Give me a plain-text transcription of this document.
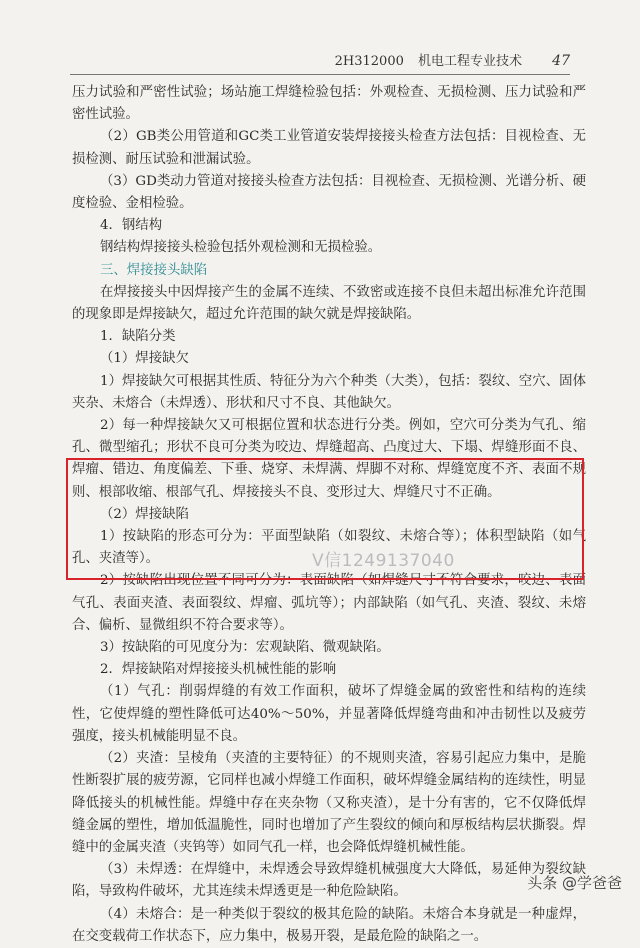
2H312000 机电工程专业技术 47

压力试验和严密性试验；场站施工焊缝检验包括：外观检查、无损检测、压力试验和严密性试验。

（2）GB类公用管道和GC类工业管道安装焊接接头检查方法包括：目视检查、无损检测、耐压试验和泄漏试验。

（3）GD类动力管道对接接头检查方法包括：目视检查、无损检测、光谱分析、硬度检验、金相检验。

4．钢结构

钢结构焊接接头检验包括外观检测和无损检验。

三、焊接接头缺陷

在焊接接头中因焊接产生的金属不连续、不致密或连接不良但未超出标准允许范围的现象即是焊接缺欠，超过允许范围的缺欠就是焊接缺陷。

1．缺陷分类

（1）焊接缺欠

1）焊接缺欠可根据其性质、特征分为六个种类（大类），包括：裂纹、空穴、固体夹杂、未熔合（未焊透）、形状和尺寸不良、其他缺欠。

2）每一种焊接缺欠又可根据位置和状态进行分类。例如，空穴可分类为气孔、缩孔、微型缩孔；形状不良可分类为咬边、焊缝超高、凸度过大、下塌、焊缝形面不良、焊瘤、错边、角度偏差、下垂、烧穿、未焊满、焊脚不对称、焊缝宽度不齐、表面不规则、根部收缩、根部气孔、焊接接头不良、变形过大、焊缝尺寸不正确。

（2）焊接缺陷

1）按缺陷的形态可分为：平面型缺陷（如裂纹、未熔合等）；体积型缺陷（如气孔、夹渣等）。

2）按缺陷出现位置不同可分为：表面缺陷（如焊缝尺寸不符合要求，咬边、表面气孔、表面夹渣、表面裂纹、焊瘤、弧坑等）；内部缺陷（如气孔、夹渣、裂纹、未熔合、偏析、显微组织不符合要求等）。

3）按缺陷的可见度分为：宏观缺陷、微观缺陷。

2．焊接缺陷对焊接接头机械性能的影响

（1）气孔：削弱焊缝的有效工作面积，破坏了焊缝金属的致密性和结构的连续性，它使焊缝的塑性降低可达40%～50%，并显著降低焊缝弯曲和冲击韧性以及疲劳强度，接头机械能明显不良。

（2）夹渣：呈棱角（夹渣的主要特征）的不规则夹渣，容易引起应力集中，是脆性断裂扩展的疲劳源，它同样也减小焊缝工作面积，破坏焊缝金属结构的连续性，明显降低接头的机械性能。焊缝中存在夹杂物（又称夹渣），是十分有害的，它不仅降低焊缝金属的塑性，增加低温脆性，同时也增加了产生裂纹的倾向和厚板结构层状撕裂。焊缝中的金属夹渣（夹钨等）如同气孔一样，也会降低焊缝机械性能。

（3）未焊透：在焊缝中，未焊透会导致焊缝机械强度大大降低，易延伸为裂纹缺陷，导致构件破坏，尤其连续未焊透更是一种危险缺陷。

（4）未熔合：是一种类似于裂纹的极其危险的缺陷。未熔合本身就是一种虚焊，在交变载荷工作状态下，应力集中，极易开裂，是最危险的缺陷之一。

V信1249137040
头条 @学爸爸
